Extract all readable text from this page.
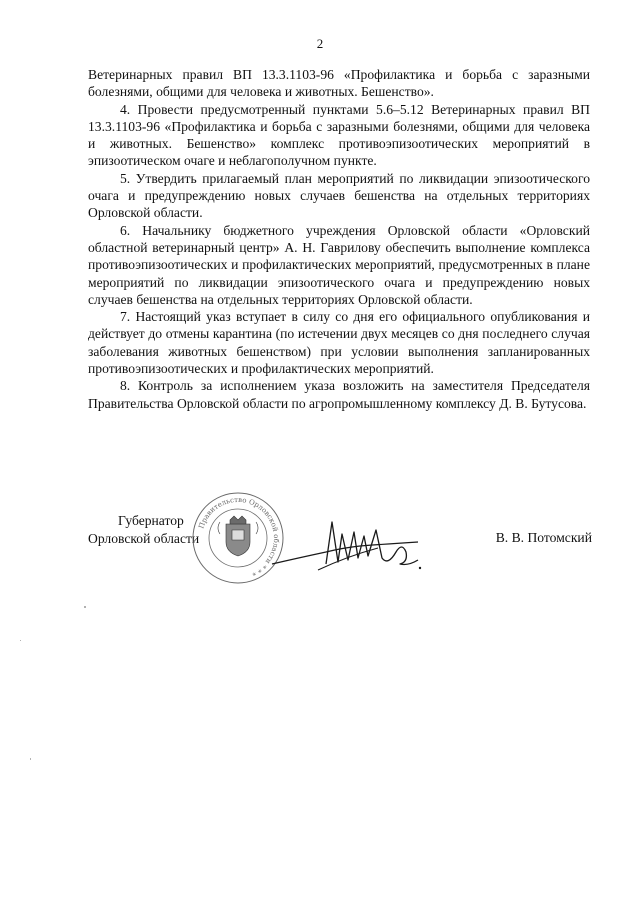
2

Ветеринарных правил ВП 13.3.1103-96 «Профилактика и борьба с заразными болезнями, общими для человека и животных. Бешенство».

4. Провести предусмотренный пунктами 5.6–5.12 Ветеринарных правил ВП 13.3.1103-96 «Профилактика и борьба с заразными болезнями, общими для человека и животных. Бешенство» комплекс противоэпизоотических мероприятий в эпизоотическом очаге и неблагополучном пункте.

5. Утвердить прилагаемый план мероприятий по ликвидации эпизоотического очага и предупреждению новых случаев бешенства на отдельных территориях Орловской области.

6. Начальнику бюджетного учреждения Орловской области «Орловский областной ветеринарный центр» А. Н. Гаврилову обеспечить выполнение комплекса противоэпизоотических и профилактических мероприятий, предусмотренных в плане мероприятий по ликвидации эпизоотического очага и предупреждению новых случаев бешенства на отдельных территориях Орловской области.

7. Настоящий указ вступает в силу со дня его официального опубликования и действует до отмены карантина (по истечении двух месяцев со дня последнего случая заболевания животных бешенством) при условии выполнения запланированных противоэпизоотических и профилактических мероприятий.

8. Контроль за исполнением указа возложить на заместителя Председателя Правительства Орловской области по агропромышленному комплексу Д. В. Бутусова.

Губернатор
Орловской области
Правительство Орловской области * * *
В. В. Потомский
